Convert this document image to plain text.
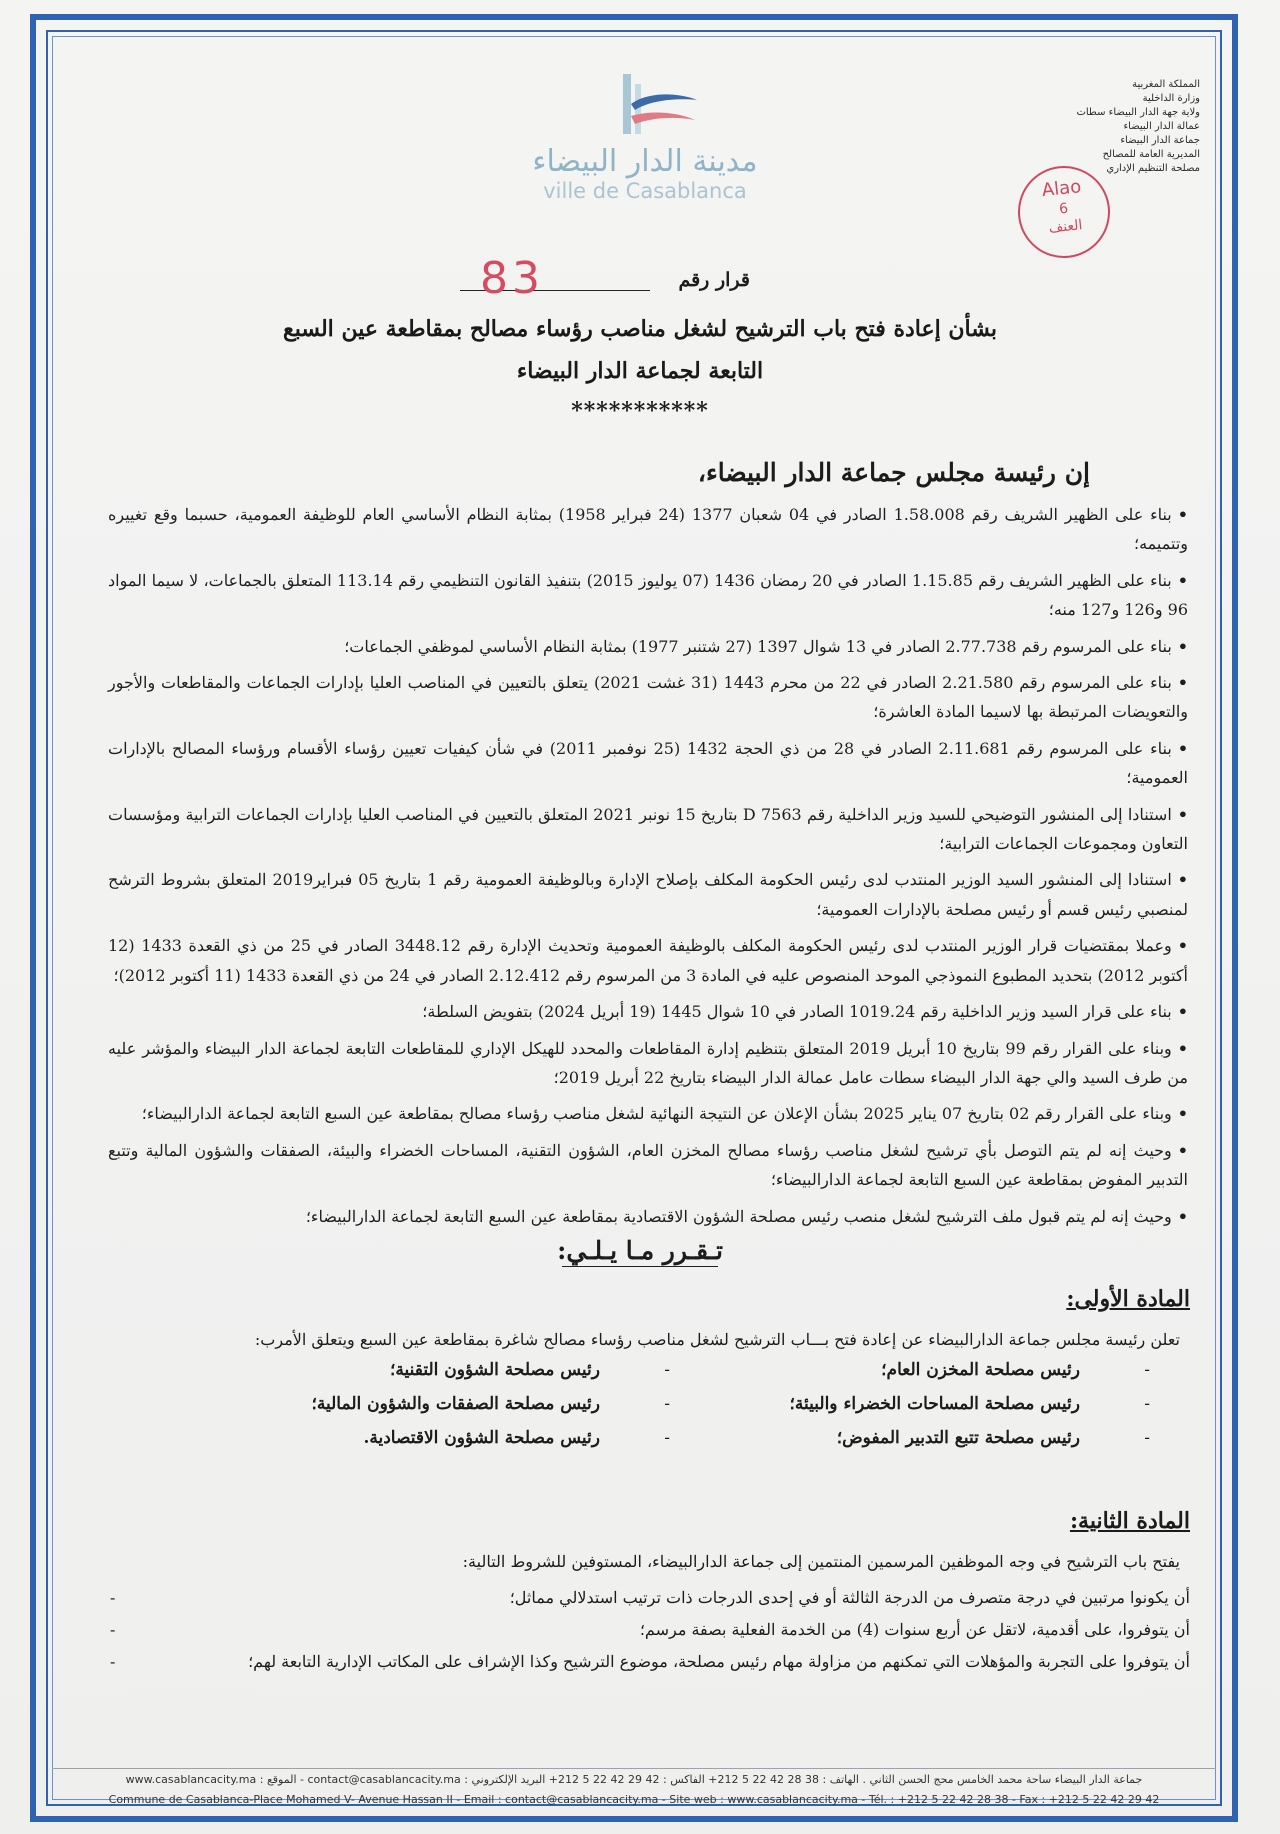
مدينة الدار البيضاء
ville de Casablanca
المملكة المغربية
وزارة الداخلية
ولاية جهة الدار البيضاء سطات
عمالة الدار البيضاء
جماعة الدار البيضاء
المديرية العامة للمصالح
مصلحة التنظيم الإداري
Alao
6
العنف
قرار رقم
83
بشأن إعادة فتح باب الترشيح لشغل مناصب رؤساء مصالح بمقاطعة عين السبع
التابعة لجماعة الدار البيضاء
***********
إن رئيسة مجلس جماعة الدار البيضاء،

•بناء على الظهير الشريف رقم 1.58.008 الصادر في 04 شعبان 1377 (24 فبراير 1958) بمثابة النظام الأساسي العام للوظيفة العمومية، حسبما وقع تغييره وتتميمه؛

•بناء على الظهير الشريف رقم 1.15.85 الصادر في 20 رمضان 1436 (07 يوليوز 2015) بتنفيذ القانون التنظيمي رقم 113.14 المتعلق بالجماعات، لا سيما المواد 96 و126 و127 منه؛

•بناء على المرسوم رقم 2.77.738 الصادر في 13 شوال 1397 (27 شتنبر 1977) بمثابة النظام الأساسي لموظفي الجماعات؛

•بناء على المرسوم رقم 2.21.580 الصادر في 22 من محرم 1443 (31 غشت 2021) يتعلق بالتعيين في المناصب العليا بإدارات الجماعات والمقاطعات والأجور والتعويضات المرتبطة بها لاسيما المادة العاشرة؛

•بناء على المرسوم رقم 2.11.681 الصادر في 28 من ذي الحجة 1432 (25 نوفمبر 2011) في شأن كيفيات تعيين رؤساء الأقسام ورؤساء المصالح بالإدارات العمومية؛

•استنادا إلى المنشور التوضيحي للسيد وزير الداخلية رقم D 7563 بتاريخ 15 نونبر 2021 المتعلق بالتعيين في المناصب العليا بإدارات الجماعات الترابية ومؤسسات التعاون ومجموعات الجماعات الترابية؛

•استنادا إلى المنشور السيد الوزير المنتدب لدى رئيس الحكومة المكلف بإصلاح الإدارة وبالوظيفة العمومية رقم 1 بتاريخ 05 فبراير2019 المتعلق بشروط الترشح لمنصبي رئيس قسم أو رئيس مصلحة بالإدارات العمومية؛

•وعملا بمقتضيات قرار الوزير المنتدب لدى رئيس الحكومة المكلف بالوظيفة العمومية وتحديث الإدارة رقم 3448.12 الصادر في 25 من ذي القعدة 1433 (12 أكتوبر 2012) بتحديد المطبوع النموذجي الموحد المنصوص عليه في المادة 3 من المرسوم رقم 2.12.412 الصادر في 24 من ذي القعدة 1433 (11 أكتوبر 2012)؛

•بناء على قرار السيد وزير الداخلية رقم 1019.24 الصادر في 10 شوال 1445 (19 أبريل 2024) بتفويض السلطة؛

•وبناء على القرار رقم 99 بتاريخ 10 أبريل 2019 المتعلق بتنظيم إدارة المقاطعات والمحدد للهيكل الإداري للمقاطعات التابعة لجماعة الدار البيضاء والمؤشر عليه من طرف السيد والي جهة الدار البيضاء سطات عامل عمالة الدار البيضاء بتاريخ 22 أبريل 2019؛

•وبناء على القرار رقم 02 بتاريخ 07 يناير 2025 بشأن الإعلان عن النتيجة النهائية لشغل مناصب رؤساء مصالح بمقاطعة عين السبع التابعة لجماعة الدارالبيضاء؛

•وحيث إنه لم يتم التوصل بأي ترشيح لشغل مناصب رؤساء مصالح المخزن العام، الشؤون التقنية، المساحات الخضراء والبيئة، الصفقات والشؤون المالية وتتبع التدبير المفوض بمقاطعة عين السبع التابعة لجماعة الدارالبيضاء؛

•وحيث إنه لم يتم قبول ملف الترشيح لشغل منصب رئيس مصلحة الشؤون الاقتصادية بمقاطعة عين السبع التابعة لجماعة الدارالبيضاء؛

تـقـرر مـا يـلـي:
المادة الأولى:
تعلن رئيسة مجلس جماعة الدارالبيضاء عن إعادة فتح بـــاب الترشيح لشغل مناصب رؤساء مصالح شاغرة بمقاطعة عين السبع ويتعلق الأمرب:
-رئيس مصلحة المخزن العام؛
-رئيس مصلحة الشؤون التقنية؛
-رئيس مصلحة المساحات الخضراء والبيئة؛
-رئيس مصلحة الصفقات والشؤون المالية؛
-رئيس مصلحة تتبع التدبير المفوض؛
-رئيس مصلحة الشؤون الاقتصادية.
المادة الثانية:
يفتح باب الترشيح في وجه الموظفين المرسمين المنتمين إلى جماعة الدارالبيضاء، المستوفين للشروط التالية:
أن يكونوا مرتبين في درجة متصرف من الدرجة الثالثة أو في إحدى الدرجات ذات ترتيب استدلالي مماثل؛
-
أن يتوفروا، على أقدمية، لاتقل عن أربع سنوات (4) من الخدمة الفعلية بصفة مرسم؛
-
أن يتوفروا على التجربة والمؤهلات التي تمكنهم من مزاولة مهام رئيس مصلحة، موضوع الترشيح وكذا الإشراف على المكاتب الإدارية التابعة لهم؛
-
جماعة الدار البيضاء ساحة محمد الخامس محج الحسن الثاني . الهاتف : 38 28 42 22 5 212+ الفاكس : 42 29 42 22 5 212+ البريد الإلكتروني : contact@casablancacity.ma - الموقع : www.casablancacity.ma
Commune de Casablanca-Place Mohamed V- Avenue Hassan II - Email : contact@casablancacity.ma - Site web : www.casablancacity.ma - Tél. : +212 5 22 42 28 38 - Fax : +212 5 22 42 29 42
